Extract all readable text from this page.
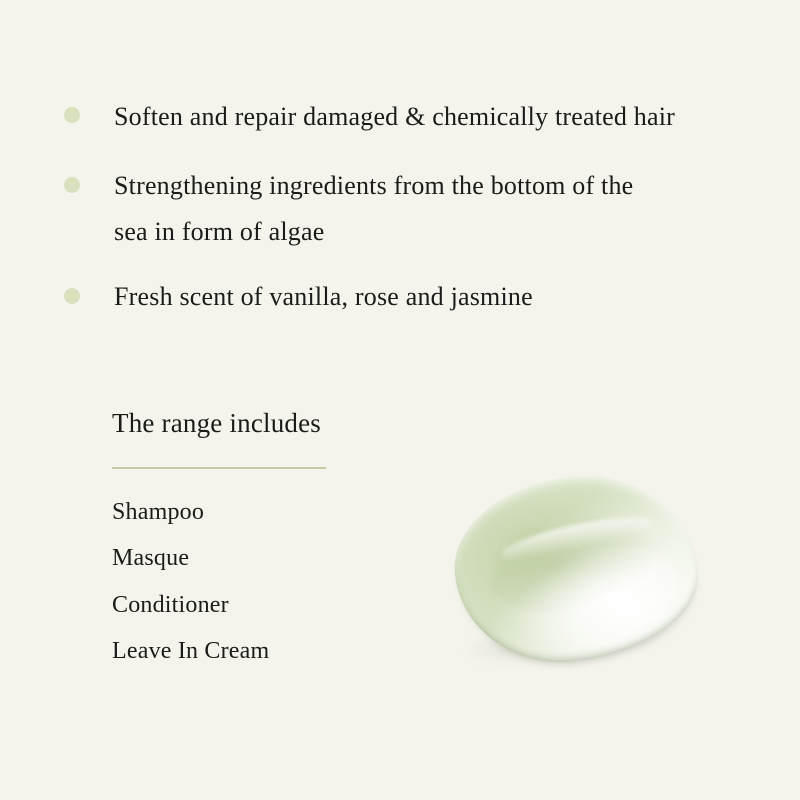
Soften and repair damaged & chemically treated hair
Strengthening ingredients from the bottom of the
sea in form of algae
Fresh scent of vanilla, rose and jasmine
The range includes
Shampoo
Masque
Conditioner
Leave In Cream
